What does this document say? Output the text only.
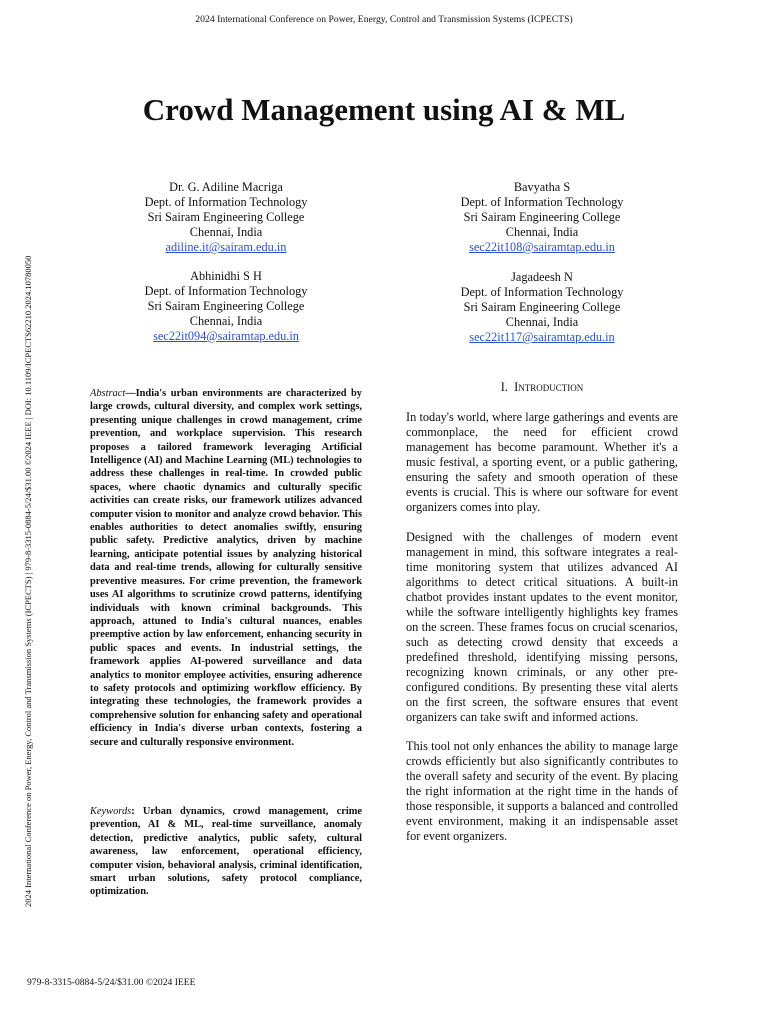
2024 International Conference on Power, Energy, Control and Transmission Systems (ICPECTS)
2024 International Conference on Power, Energy, Control and Transmission Systems (ICPECTS) | 979-8-3315-0884-5/24/$31.00 ©2024 IEEE | DOI: 10.1109/ICPECTS62210.2024.10780050
Crowd Management using AI & ML
Dr. G. Adiline Macriga
Dept. of Information Technology
Sri Sairam Engineering College
Chennai, India
adiline.it@sairam.edu.in
Bavyatha S
Dept. of Information Technology
Sri Sairam Engineering College
Chennai, India
sec22it108@sairamtap.edu.in
Abhinidhi S H
Dept. of Information Technology
Sri Sairam Engineering College
Chennai, India
sec22it094@sairamtap.edu.in
Jagadeesh N
Dept. of Information Technology
Sri Sairam Engineering College
Chennai, India
sec22it117@sairamtap.edu.in
Abstract—India's urban environments are characterized by large crowds, cultural diversity, and complex work settings, presenting unique challenges in crowd management, crime prevention, and workplace supervision. This research proposes a tailored framework leveraging Artificial Intelligence (AI) and Machine Learning (ML) technologies to address these challenges in real-time. In crowded public spaces, where chaotic dynamics and culturally specific activities can create risks, our framework utilizes advanced computer vision to monitor and analyze crowd behavior. This enables authorities to detect anomalies swiftly, ensuring public safety. Predictive analytics, driven by machine learning, anticipate potential issues by analyzing historical data and real-time trends, allowing for culturally sensitive preventive measures. For crime prevention, the framework uses AI algorithms to scrutinize crowd patterns, identifying individuals with known criminal backgrounds. This approach, attuned to India's cultural nuances, enables preemptive action by law enforcement, enhancing security in public spaces and events. In industrial settings, the framework applies AI-powered surveillance and data analytics to monitor employee activities, ensuring adherence to safety protocols and optimizing workflow efficiency. By integrating these technologies, the framework provides a comprehensive solution for enhancing safety and operational efficiency in India's diverse urban contexts, fostering a secure and culturally responsive environment.
Keywords: Urban dynamics, crowd management, crime prevention, AI & ML, real-time surveillance, anomaly detection, predictive analytics, public safety, cultural awareness, law enforcement, operational efficiency, computer vision, behavioral analysis, criminal identification, smart urban solutions, safety protocol compliance, optimization.
I. Introduction
In today's world, where large gatherings and events are commonplace, the need for efficient crowd management has become paramount. Whether it's a music festival, a sporting event, or a public gathering, ensuring the safety and smooth operation of these events is crucial. This is where our software for event organizers comes into play.
Designed with the challenges of modern event management in mind, this software integrates a real-time monitoring system that utilizes advanced AI algorithms to detect critical situations. A built-in chatbot provides instant updates to the event monitor, while the software intelligently highlights key frames on the screen. These frames focus on crucial scenarios, such as detecting crowd density that exceeds a predefined threshold, identifying missing persons, recognizing known criminals, or any other pre-configured conditions. By presenting these vital alerts on the first screen, the software ensures that event organizers can take swift and informed actions.
This tool not only enhances the ability to manage large crowds efficiently but also significantly contributes to the overall safety and security of the event. By placing the right information at the right time in the hands of those responsible, it supports a balanced and controlled event environment, making it an indispensable asset for event organizers.
979-8-3315-0884-5/24/$31.00 ©2024 IEEE
